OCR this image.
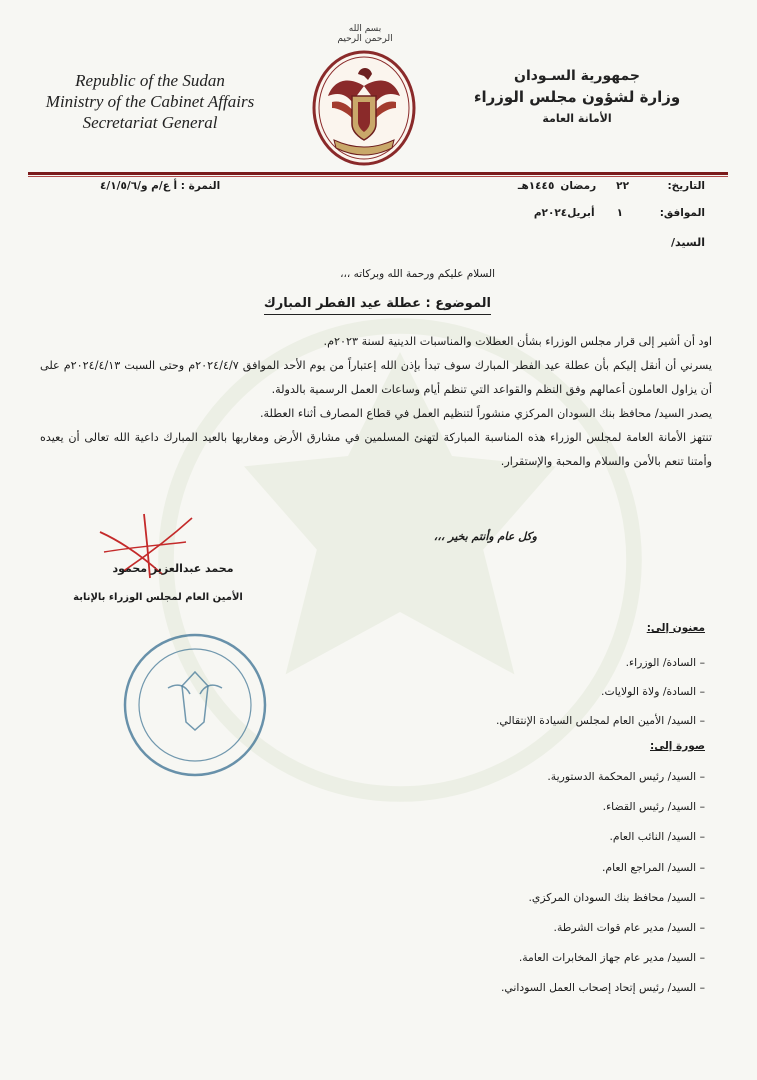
Republic of the Sudan
Ministry of the Cabinet Affairs
Secretariat General
بسم الله الرحمن الرحيم
جمهورية السـودان
وزارة لشؤون مجلس الوزراء
الأمانة العامة
التاريخ:٢٢رمضان١٤٤٥هـ
النمرة : أ ع/م و/٤/١/٥/٦
الموافق:١أبريل٢٠٢٤م
السيد/
السلام عليكم ورحمة الله وبركاته ،،،
الموضوع : عطلة عيد الفطر المبارك

اود أن أشير إلى قرار مجلس الوزراء بشأن العطلات والمناسبات الدينية لسنة ٢٠٢٣م.

يسرني أن أنقل إليكم بأن عطلة عيد الفطر المبارك سوف تبدأ بإذن الله إعتباراً من يوم الأحد الموافق ٢٠٢٤/٤/٧م وحتى السبت ٢٠٢٤/٤/١٣م على أن يزاول العاملون أعمالهم وفق النظم والقواعد التي تنظم أيام وساعات العمل الرسمية بالدولة.

يصدر السيد/ محافظ بنك السودان المركزي منشوراً لتنظيم العمل في قطاع المصارف أثناء العطلة.

تنتهز الأمانة العامة لمجلس الوزراء هذه المناسبة المباركة لتهنئ المسلمين في مشارق الأرض ومغاربها بالعيد المبارك داعية الله تعالى أن يعيده وأمتنا تنعم بالأمن والسلام والمحبة والإستقرار.

وكل عام وأنتم بخير ،،،
محمد عبدالعزيز محمود
الأمين العام لمجلس الوزراء بالإنابة
معنون إلى:
– السادة/ الوزراء.
– السادة/ ولاة الولايات.
– السيد/ الأمين العام لمجلس السيادة الإنتقالي.
صورة إلى:
– السيد/ رئيس المحكمة الدستورية.
– السيد/ رئيس القضاء.
– السيد/ النائب العام.
– السيد/ المراجع العام.
– السيد/ محافظ بنك السودان المركزي.
– السيد/ مدير عام قوات الشرطة.
– السيد/ مدير عام جهاز المخابرات العامة.
– السيد/ رئيس إتحاد إصحاب العمل السوداني.
